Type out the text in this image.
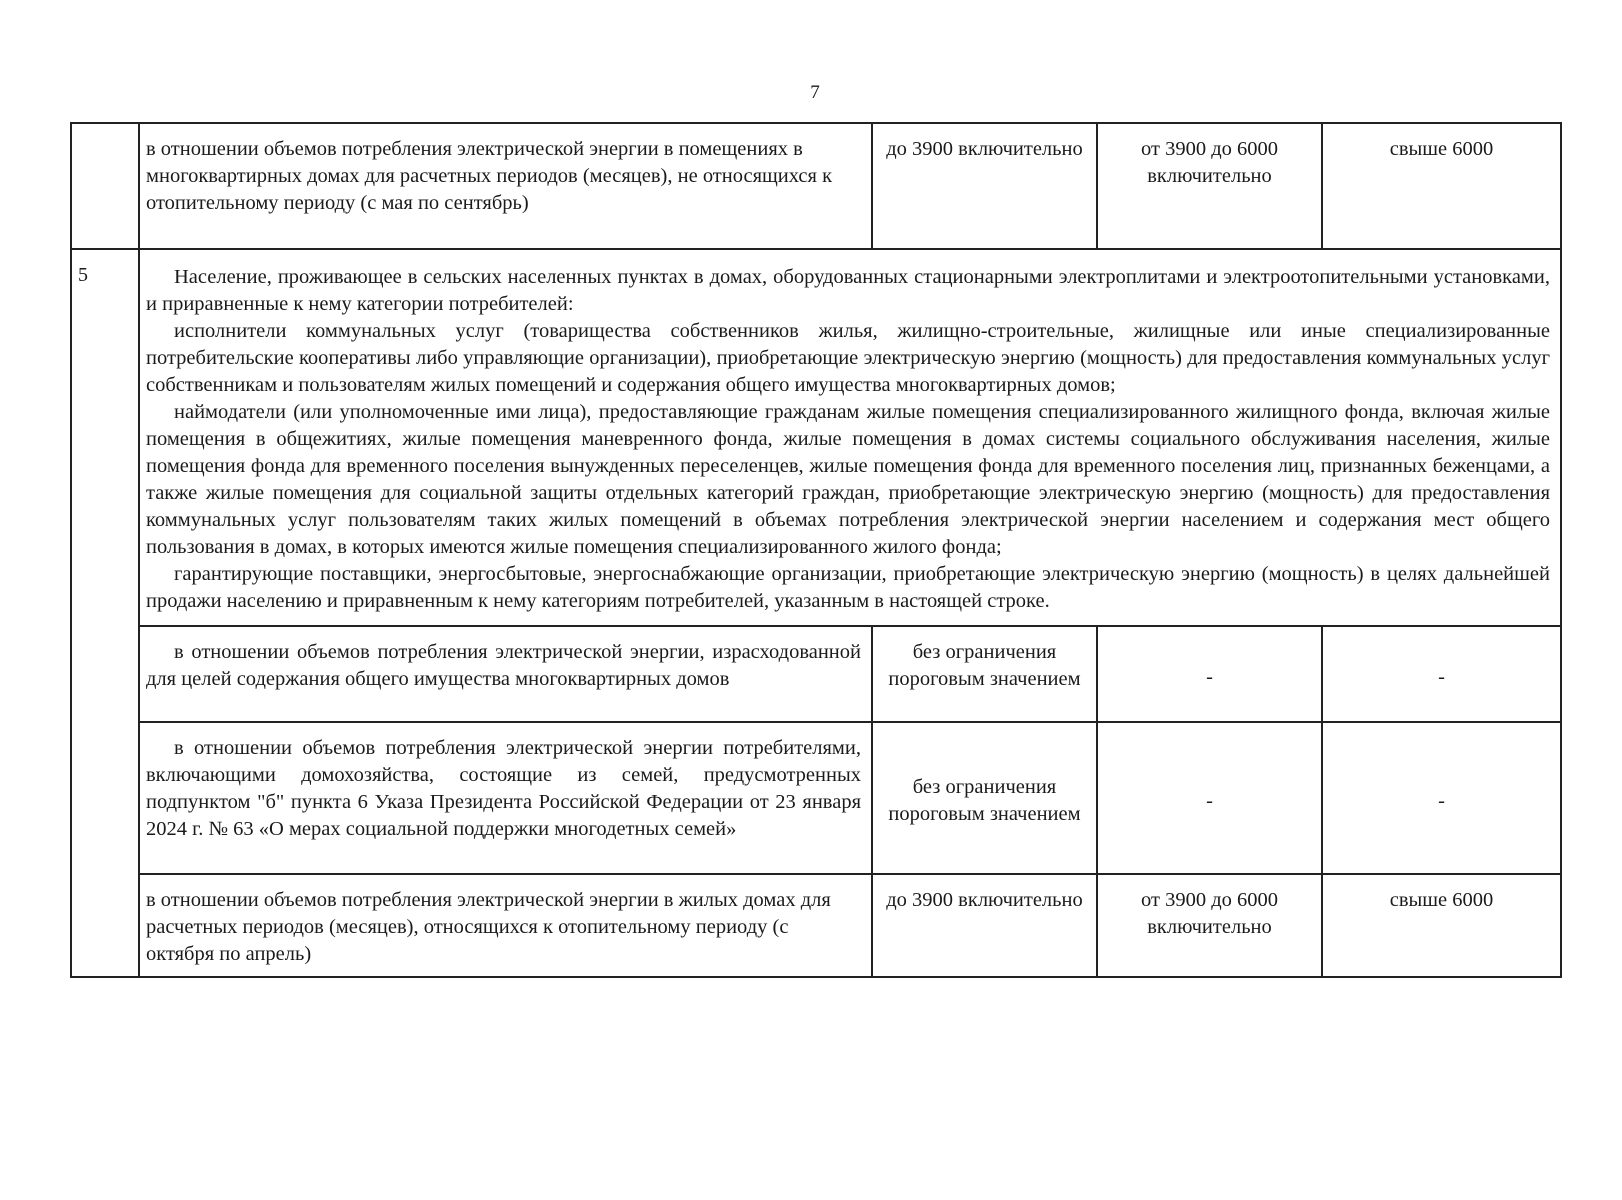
7
	в отношении объемов потребления электрической энергии в помещениях в многоквартирных домах для расчетных периодов (месяцев), не относящихся к отопительному периоду (с мая по сентябрь)	до 3900 включительно	от 3900 до 6000 включительно	свыше 6000
5	Население, проживающее в сельских населенных пунктах в домах, оборудованных стационарными электроплитами и электроотопительными установками, и приравненные к нему категории потребителей:

исполнители коммунальных услуг (товарищества собственников жилья, жилищно-строительные, жилищные или иные специализированные потребительские кооперативы либо управляющие организации), приобретающие электрическую энергию (мощность) для предоставления коммунальных услуг собственникам и пользователям жилых помещений и содержания общего имущества многоквартирных домов;

наймодатели (или уполномоченные ими лица), предоставляющие гражданам жилые помещения специализированного жилищного фонда, включая жилые помещения в общежитиях, жилые помещения маневренного фонда, жилые помещения в домах системы социального обслуживания населения, жилые помещения фонда для временного поселения вынужденных переселенцев, жилые помещения фонда для временного поселения лиц, признанных беженцами, а также жилые помещения для социальной защиты отдельных категорий граждан, приобретающие электрическую энергию (мощность) для предоставления коммунальных услуг пользователям таких жилых помещений в объемах потребления электрической энергии населением и содержания мест общего пользования в домах, в которых имеются жилые помещения специализированного жилого фонда;

гарантирующие поставщики, энергосбытовые, энергоснабжающие организации, приобретающие электрическую энергию (мощность) в целях дальнейшей продажи населению и приравненным к нему категориям потребителей, указанным в настоящей строке.			

	в отношении объемов потребления электрической энергии, израсходованной для целей содержания общего имущества многоквартирных домов	без ограничения пороговым значением	-	-

	в отношении объемов потребления электрической энергии потребителями, включающими домохозяйства, состоящие из семей, предусмотренных подпунктом "б" пункта 6 Указа Президента Российской Федерации от 23 января 2024 г. № 63 «О мерах социальной поддержки многодетных семей»	без ограничения пороговым значением	-	-
	в отношении объемов потребления электрической энергии в жилых домах для расчетных периодов (месяцев), относящихся к отопительному периоду (с октября по апрель)	до 3900 включительно	от 3900 до 6000 включительно	свыше 6000
